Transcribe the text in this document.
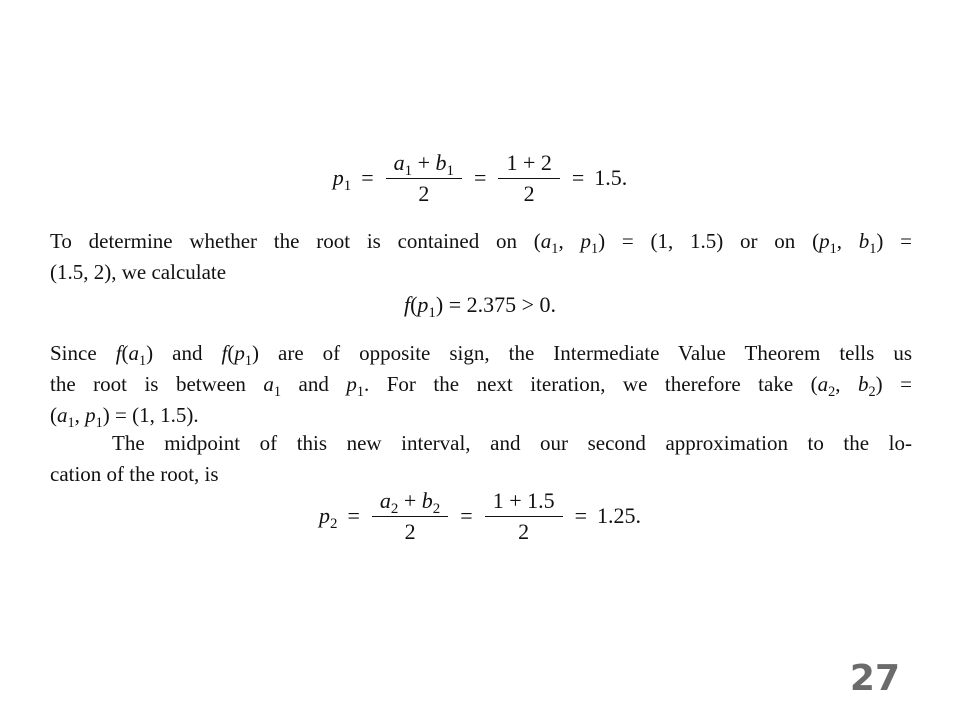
$p_1 = \frac{a_1 + b_1}{2} = \frac{1 + 2}{2} = 1.5$.
To determine whether the root is contained on ($a_1$, $p_1) = (1$, 1.5) or on ($p_1$, $b_1$) =
(1.5, 2), we calculate
$f(p_1) = 2.375 > 0$.
Since $f(a_1)$ and $f(p_1)$ are of opposite sign, the Intermediate Value Theorem tells us
the root is between $a_1$ and $p_1$. For the next iteration, we therefore take ($a_2$, $b_2$) =
($a_1$, $p_1) = (1$, 1.5).
The midpoint of this new interval, and our second approximation to the lo-
cation of the root, is
$p_2 = \frac{a_2 + b_2}{2} = \frac{1 + 1.5}{2} = 1.25$.
27
